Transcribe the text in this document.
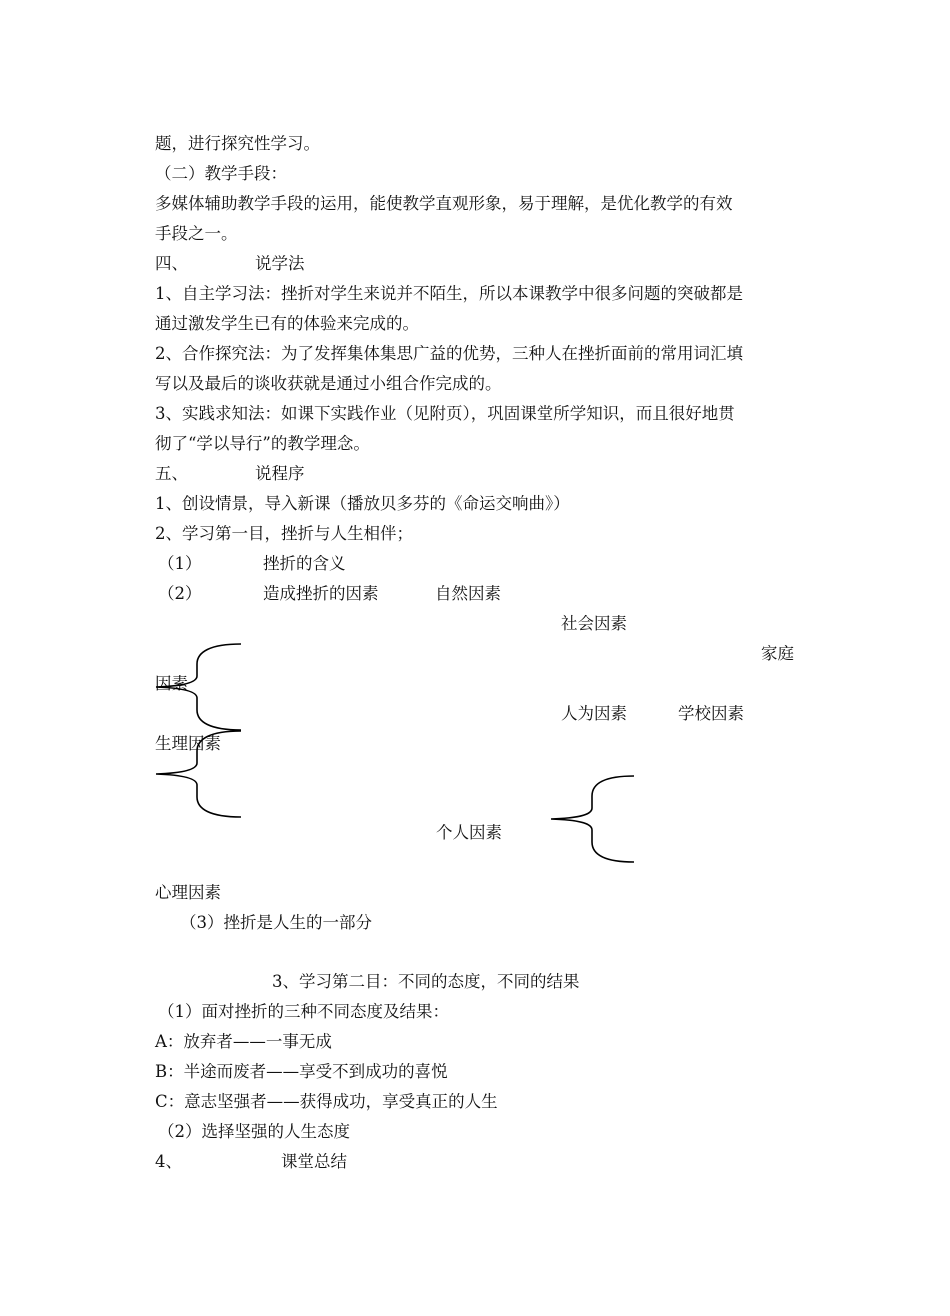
题，进行探究性学习。
（二）教学手段：
多媒体辅助教学手段的运用，能使教学直观形象，易于理解，是优化教学的有效
手段之一。
四、	说学法
1、自主学习法：挫折对学生来说并不陌生，所以本课教学中很多问题的突破都是
通过激发学生已有的体验来完成的。
2、合作探究法：为了发挥集体集思广益的优势，三种人在挫折面前的常用词汇填
写以及最后的谈收获就是通过小组合作完成的。
3、实践求知法：如课下实践作业（见附页），巩固课堂所学知识，而且很好地贯
彻了“学以导行”的教学理念。
五、	说程序
1、创设情景，导入新课（播放贝多芬的《命运交响曲》）
2、学习第一目，挫折与人生相伴；
（1）	挫折的含义
（2）	造成挫折的因素	自然因素
社会因素
家庭
因素
人为因素	学校因素
生理因素
个人因素
心理因素
（3）挫折是人生的一部分
3、学习第二目：不同的态度，不同的结果
（1）面对挫折的三种不同态度及结果：
A：放弃者——一事无成
B：半途而废者——享受不到成功的喜悦
C：意志坚强者——获得成功，享受真正的人生
（2）选择坚强的人生态度
4、	课堂总结
